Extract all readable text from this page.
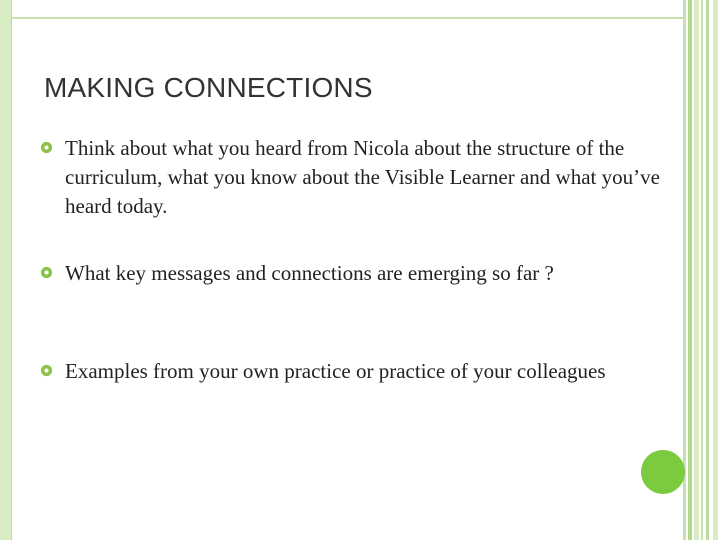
MAKING CONNECTIONS
Think about what you heard from Nicola about the structure of the curriculum, what you know about the Visible Learner and what you’ve heard today.
What key messages and connections are emerging so far ?
Examples from your own practice or practice of your colleagues
